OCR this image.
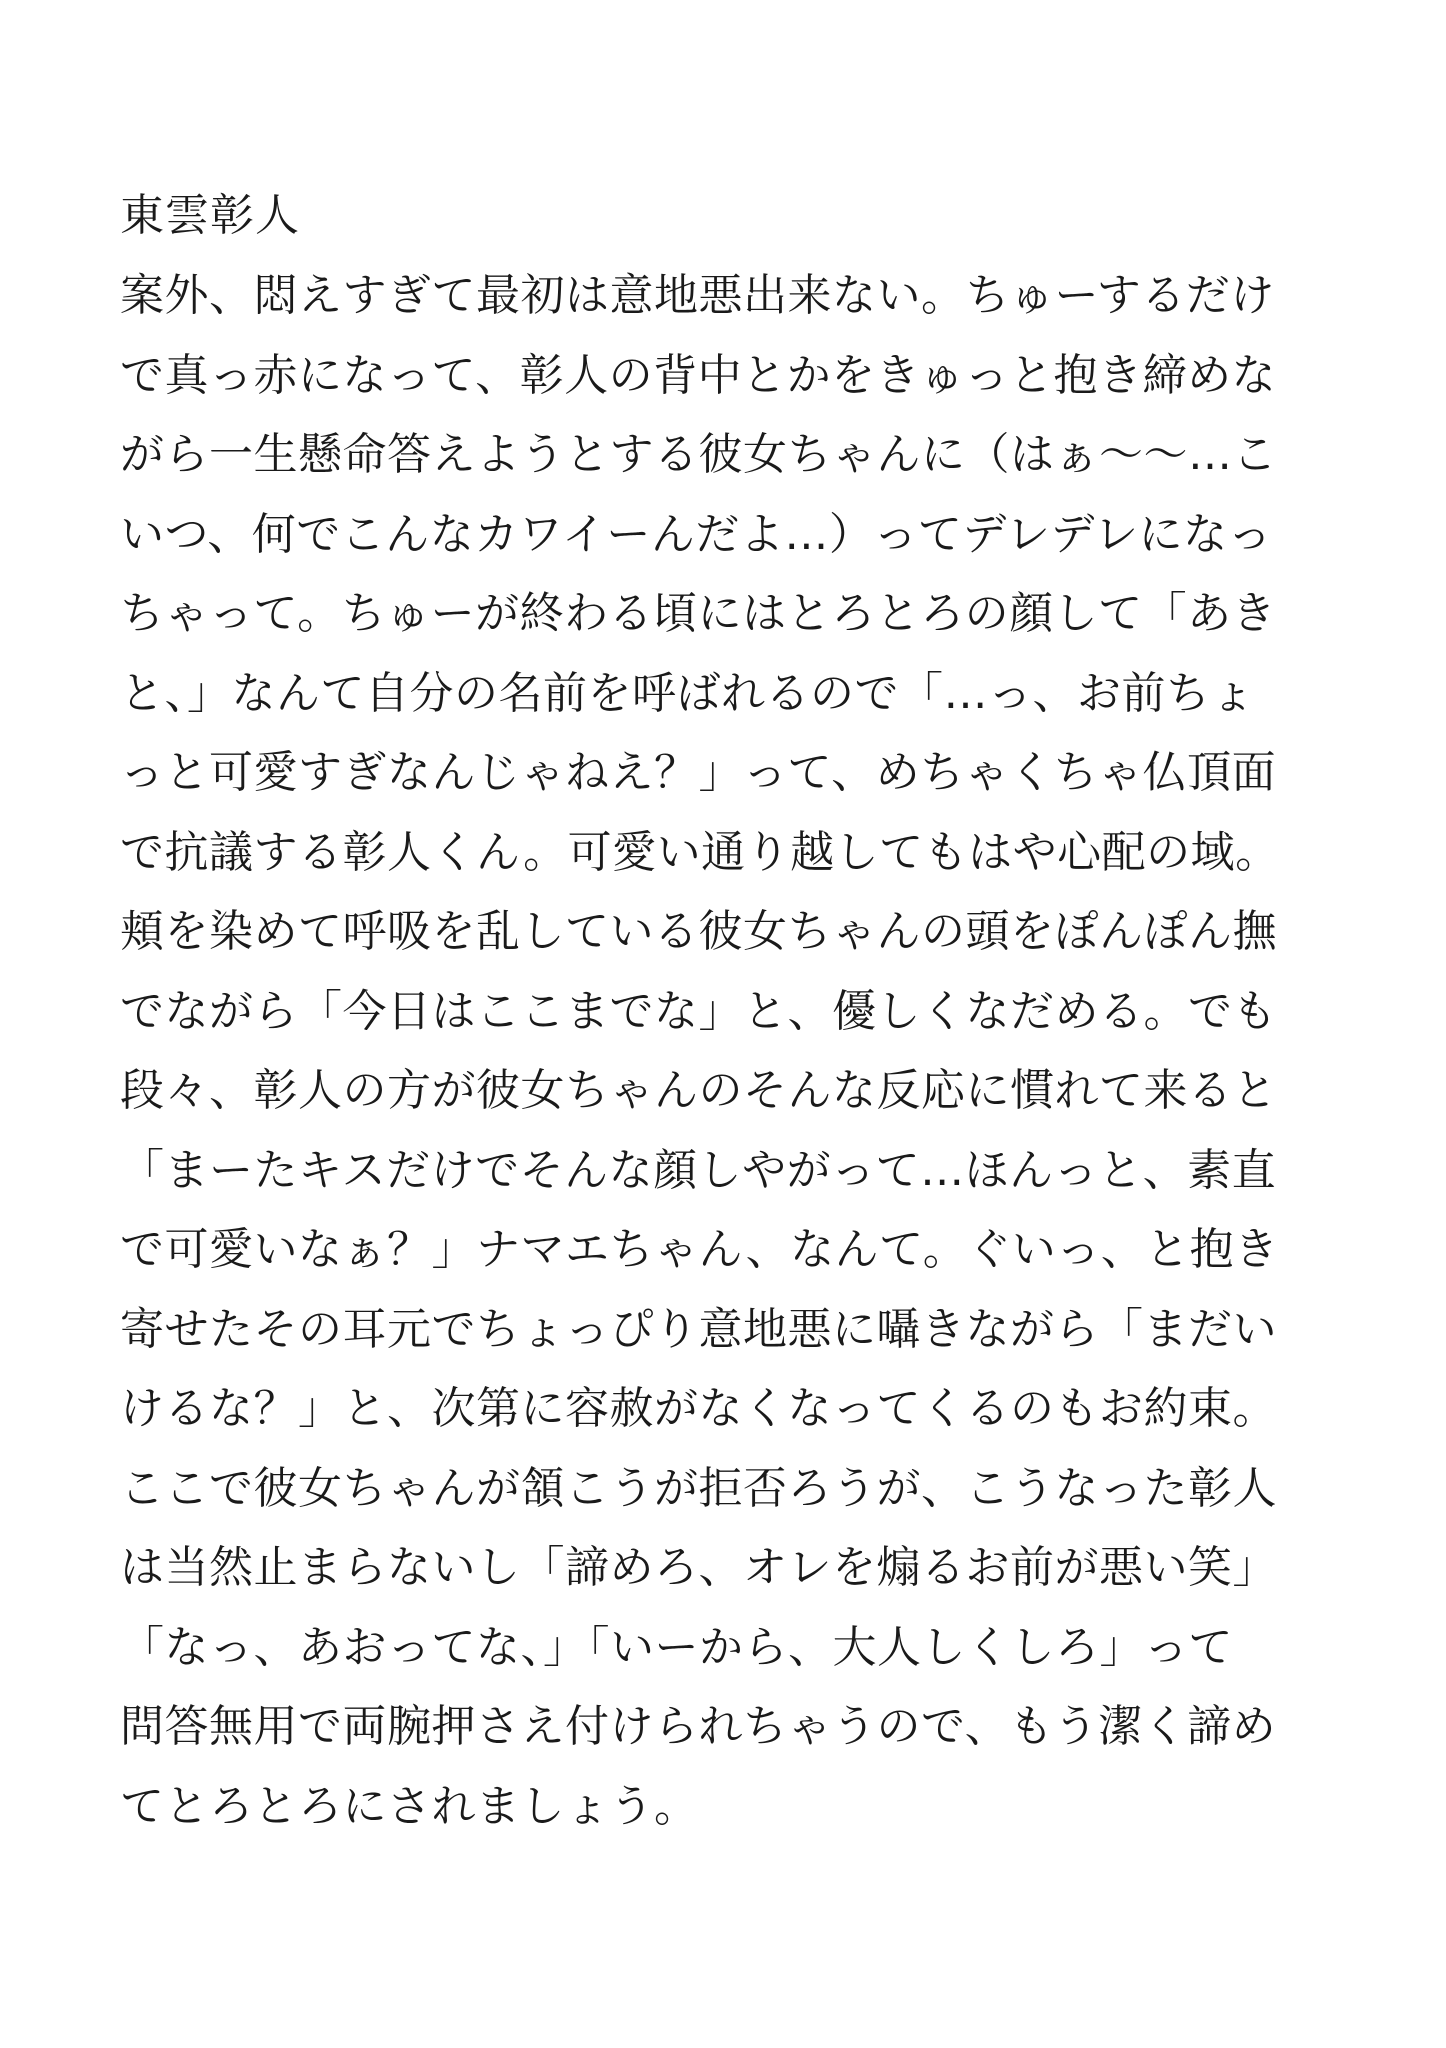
東雲彰人
案外、悶えすぎて最初は意地悪出来ない。ちゅーするだけ
で真っ赤になって、彰人の背中とかをきゅっと抱き締めな
がら一生懸命答えようとする彼女ちゃんに（はぁ〜〜…こ
いつ、何でこんなカワイーんだよ…）ってデレデレになっ
ちゃって。ちゅーが終わる頃にはとろとろの顔して「あき
と、」なんて自分の名前を呼ばれるので「…っ、お前ちょ
っと可愛すぎなんじゃねえ？」って、めちゃくちゃ仏頂面
で抗議する彰人くん。可愛い通り越してもはや心配の域。
頬を染めて呼吸を乱している彼女ちゃんの頭をぽんぽん撫
でながら「今日はここまでな」と、優しくなだめる。でも
段々、彰人の方が彼女ちゃんのそんな反応に慣れて来ると
「まーたキスだけでそんな顔しやがって…ほんっと、素直
で可愛いなぁ？」ナマエちゃん、なんて。ぐいっ、と抱き
寄せたその耳元でちょっぴり意地悪に囁きながら「まだい
けるな？」と、次第に容赦がなくなってくるのもお約束。
ここで彼女ちゃんが頷こうが拒否ろうが、こうなった彰人
は当然止まらないし「諦めろ、オレを煽るお前が悪い笑」
「なっ、あおってな、」「いーから、大人しくしろ」って
問答無用で両腕押さえ付けられちゃうので、もう潔く諦め
てとろとろにされましょう。
